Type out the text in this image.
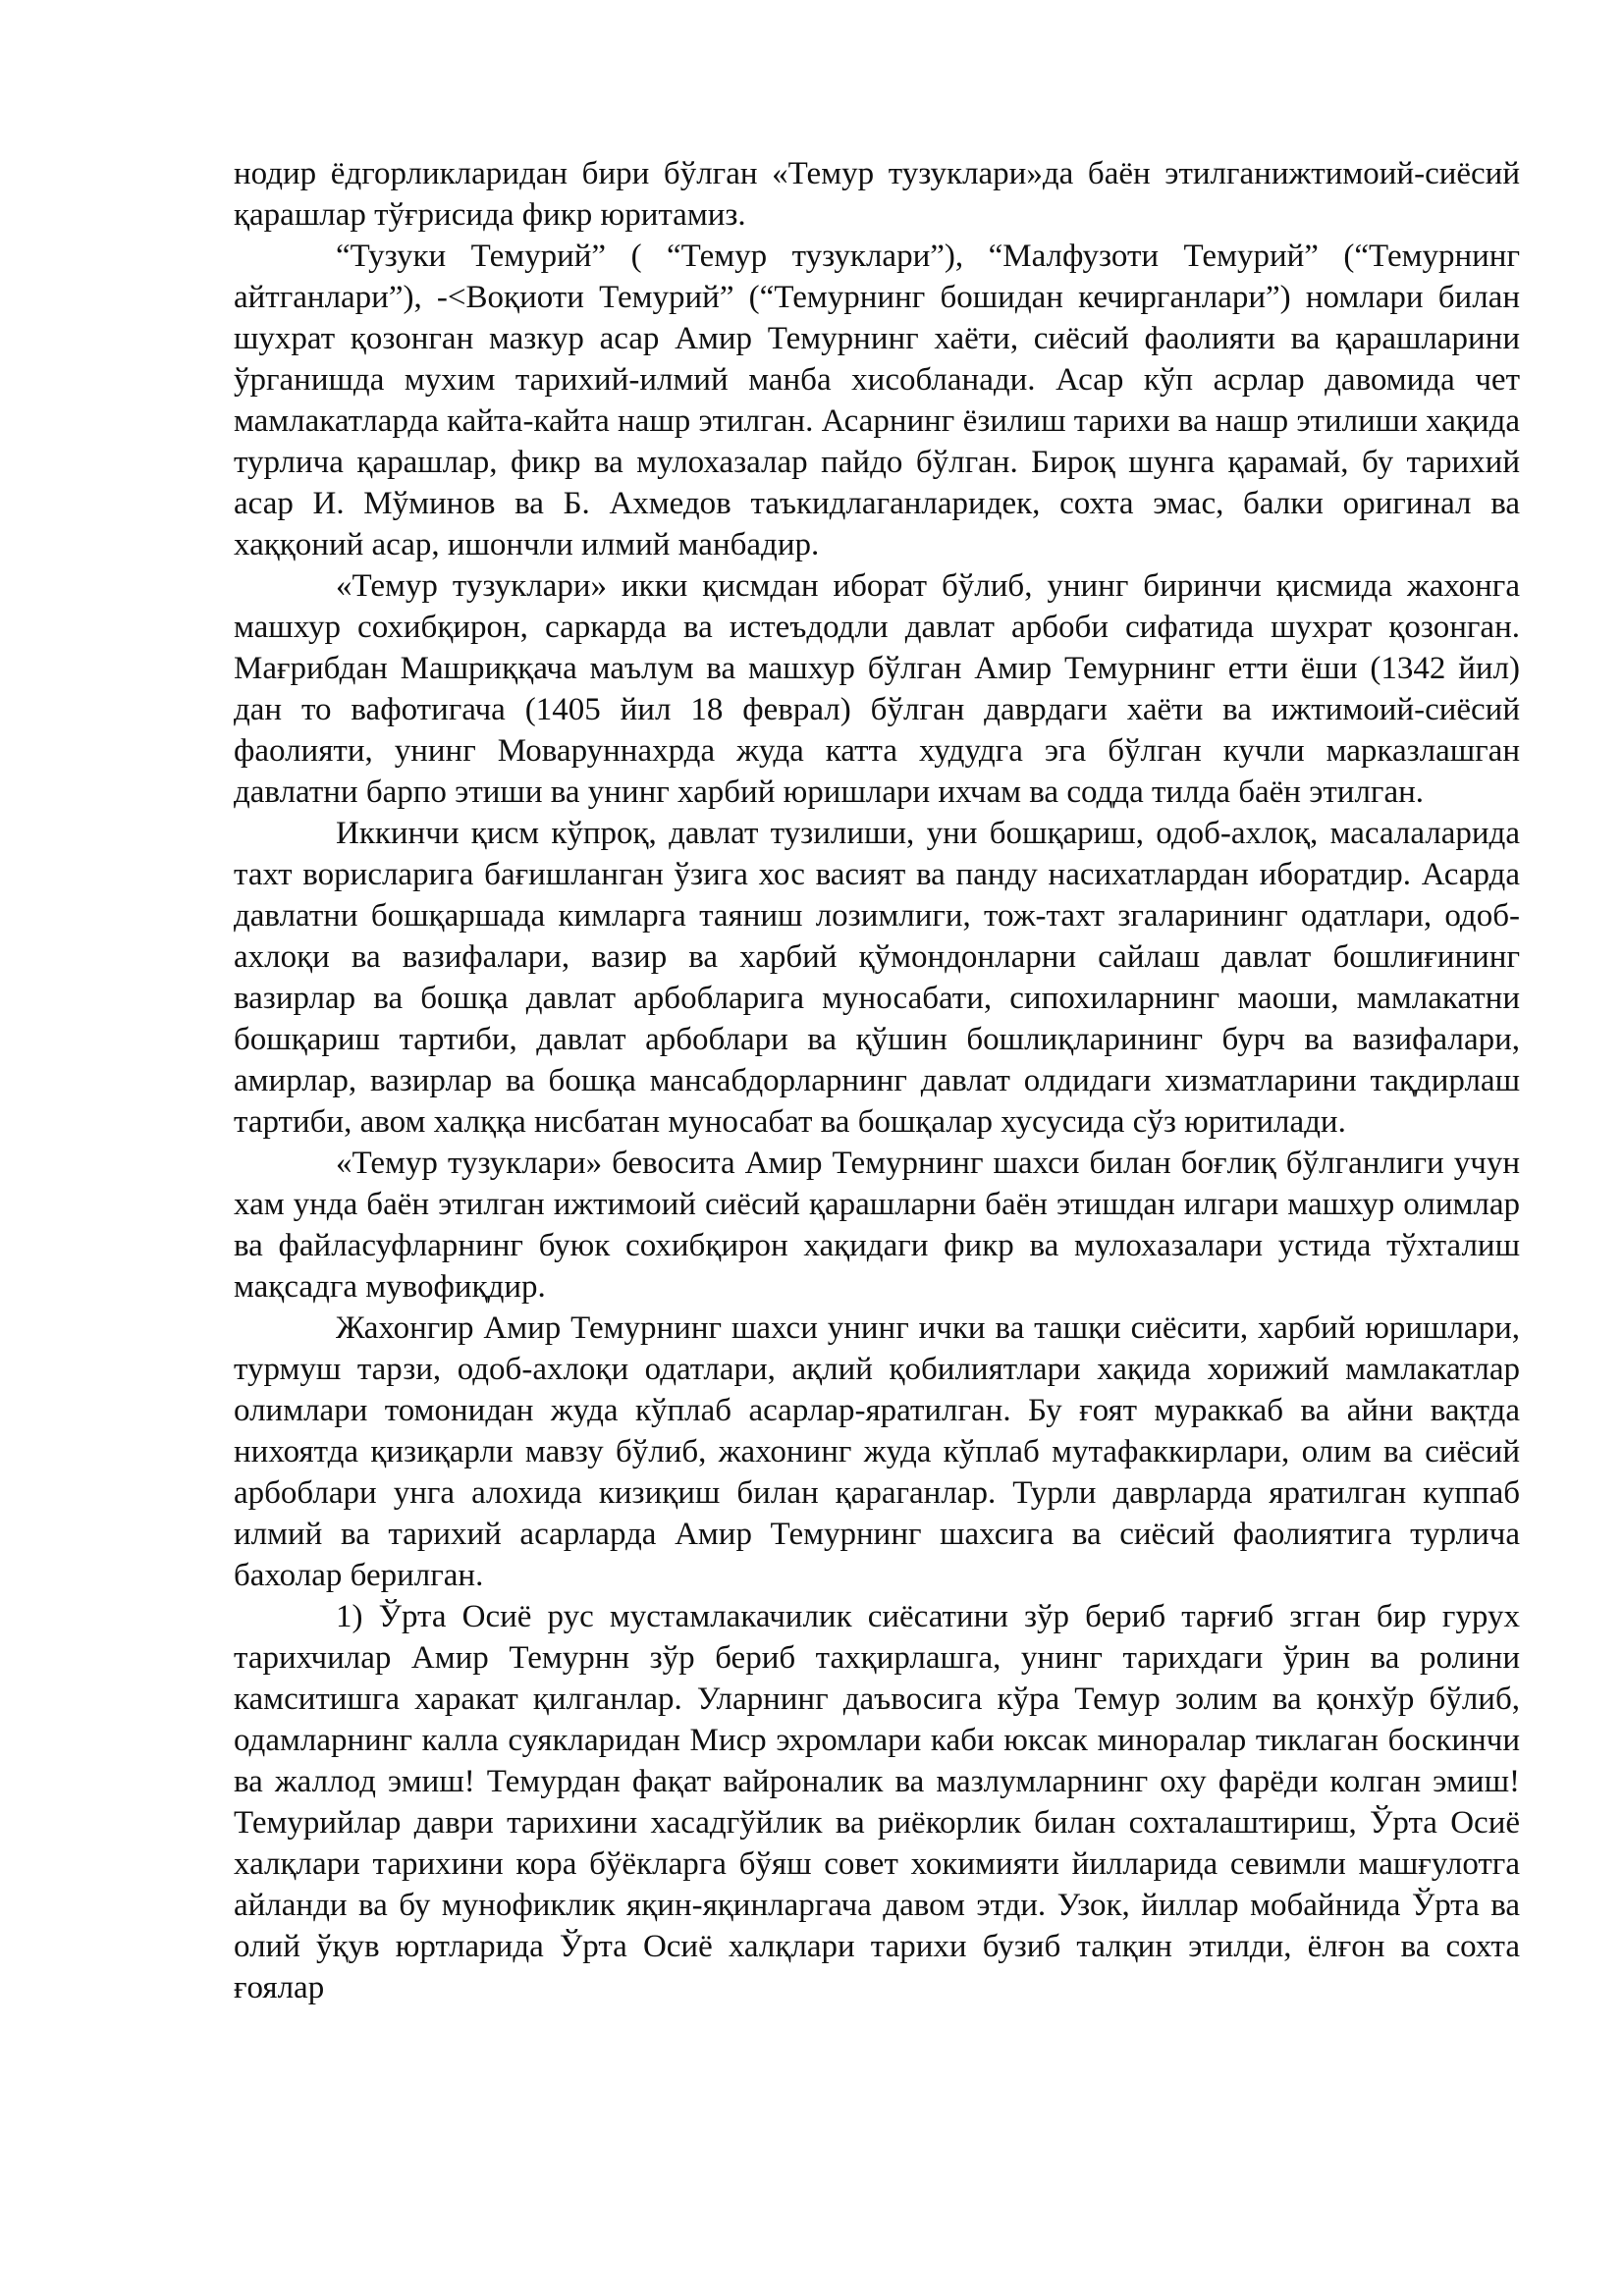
нодир ёдгорликларидан бири бўлган «Темур тузуклари»да баён этилганижтимоий-сиёсий қарашлар тўғрисида фикр юритамиз.

“Тузуки Темурий” ( “Темур тузуклари”), “Малфузоти Темурий” (“Темурнинг айтганлари”), -<Воқиоти Темурий” (“Темурнинг бошидан кечирганлари”) номлари билан шухрат қозонган мазкур асар Амир Темурнинг хаёти, сиёсий фаолияти ва қарашларини ўрганишда мухим тарихий-илмий манба хисобланади. Асар кўп асрлар давомида чет мамлакатларда кайта-кайта нашр этилган. Асарнинг ёзилиш тарихи ва нашр этилиши хақида турлича қарашлар, фикр ва мулохазалар пайдо бўлган. Бироқ шунга қарамай, бу тарихий асар И. Мўминов ва Б. Ахмедов таъкидлаганларидек, сохта эмас, балки оригинал ва хаққоний асар, ишончли илмий манбадир.

«Темур тузуклари» икки қисмдан иборат бўлиб, унинг биринчи қисмида жахонга машхур сохибқирон, саркарда ва истеъдодли давлат арбоби сифатида шухрат қозонган. Мағрибдан Машриққача маълум ва машхур бўлган Амир Темурнинг етти ёши (1342 йил) дан то вафотигача (1405 йил 18 феврал) бўлган даврдаги хаёти ва ижтимоий-сиёсий фаолияти, унинг Моваруннахрда жуда катта худудга эга бўлган кучли марказлашган давлатни барпо этиши ва унинг харбий юришлари ихчам ва содда тилда баён этилган.

Иккинчи қисм кўпроқ, давлат тузилиши, уни бошқариш, одоб-ахлоқ, масалаларида тахт ворисларига бағишланган ўзига хос васият ва панду насихатлардан иборатдир. Асарда давлатни бошқаршада кимларга таяниш лозимлиги, тож-тахт згаларининг одатлари, одоб-ахлоқи ва вазифалари, вазир ва харбий қўмондонларни сайлаш давлат бошлиғининг вазирлар ва бошқа давлат арбобларига муносабати, сипохиларнинг маоши, мамлакатни бошқариш тартиби, давлат арбоблари ва қўшин бошлиқларининг бурч ва вазифалари, амирлар, вазирлар ва бошқа мансабдорларнинг давлат олдидаги хизматларини тақдирлаш тартиби, авом халққа нисбатан муносабат ва бошқалар хусусида сўз юритилади.

«Темур тузуклари» бевосита Амир Темурнинг шахси билан боғлиқ бўлганлиги учун хам унда баён этилган ижтимоий сиёсий қарашларни баён этишдан илгари машхур олимлар ва файласуфларнинг буюк сохибқирон хақидаги фикр ва мулохазалари устида тўхталиш мақсадга мувофиқдир.

Жахонгир Амир Темурнинг шахси унинг ички ва ташқи сиёсити, харбий юришлари, турмуш тарзи, одоб-ахлоқи одатлари, ақлий қобилиятлари хақида хорижий мамлакатлар олимлари томонидан жуда кўплаб асарлар-яратилган. Бу ғоят мураккаб ва айни вақтда нихоятда қизиқарли мавзу бўлиб, жахонинг жуда кўплаб мутафаккирлари, олим ва сиёсий арбоблари унга алохида кизиқиш билан қараганлар. Турли даврларда яратилган куппаб илмий ва тарихий асарларда Амир Темурнинг шахсига ва сиёсий фаолиятига турлича бахолар берилган.

1) Ўрта Осиё рус мустамлакачилик сиёсатини зўр бериб тарғиб згган бир гурух тарихчилар Амир Темурнн зўр бериб тахқирлашга, унинг тарихдаги ўрин ва ролини камситишга харакат қилганлар. Уларнинг даъвосига кўра Темур золим ва қонхўр бўлиб, одамларнинг калла суякларидан Миср эхромлари каби юксак миноралар тиклаган боскинчи ва жаллод эмиш! Темурдан фақат вайроналик ва мазлумларнинг оху фарёди колган эмиш! Темурийлар даври тарихини хасадгўйлик ва риёкорлик билан сохталаштириш, Ўрта Осиё халқлари тарихини кора бўёкларга бўяш совет хокимияти йилларида севимли машғулотга айланди ва бу мунофиклик яқин-яқинларгача давом этди. Узок, йиллар мобайнида Ўрта ва олий ўқув юртларида Ўрта Осиё халқлари тарихи бузиб талқин этилди, ёлғон ва сохта ғоялар
